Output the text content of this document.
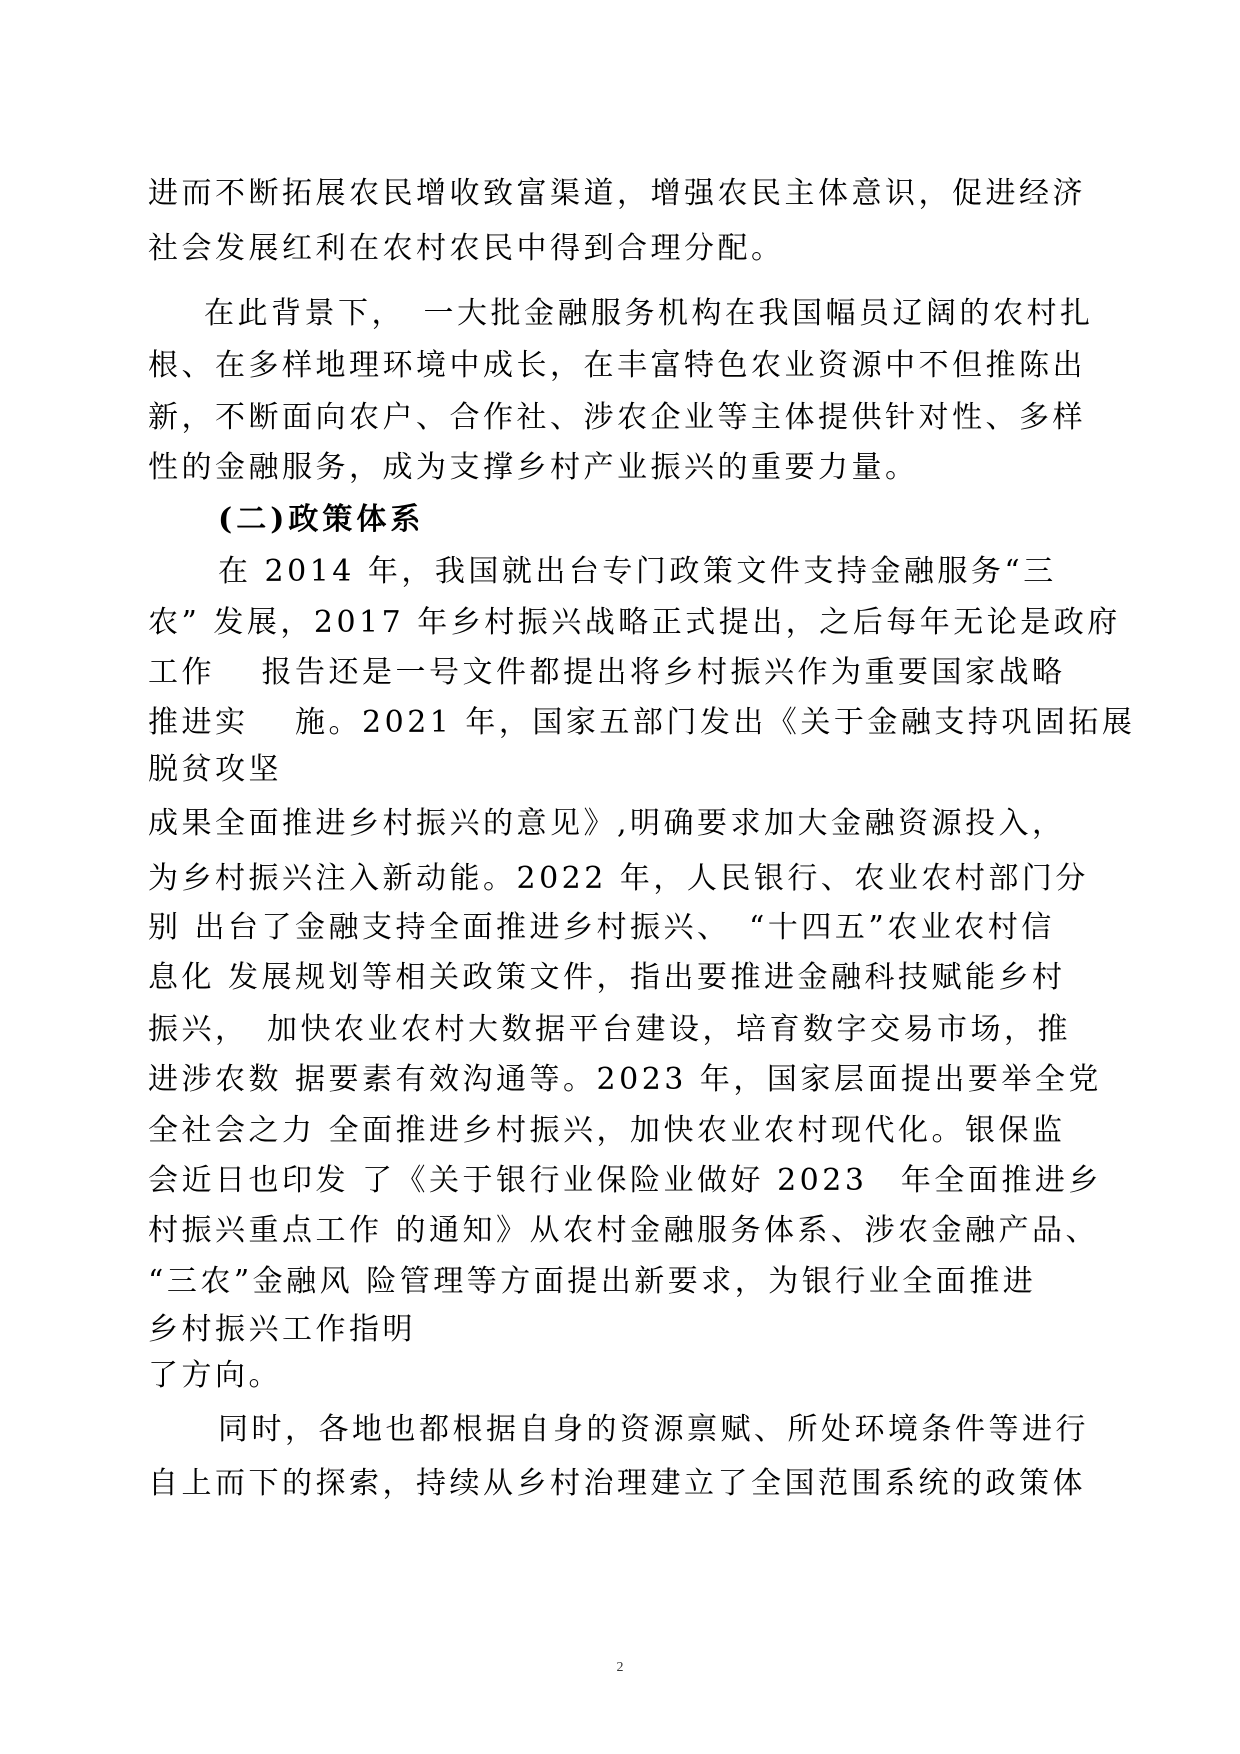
进而不断拓展农民增收致富渠道，增强农民主体意识，促进经济
社会发展红利在农村农民中得到合理分配。
在此背景下，　一大批金融服务机构在我国幅员辽阔的农村扎
根、在多样地理环境中成长，在丰富特色农业资源中不但推陈出
新，不断面向农户、合作社、涉农企业等主体提供针对性、多样
性的金融服务，成为支撑乡村产业振兴的重要力量。
(二)政策体系
在 2014 年，我国就出台专门政策文件支持金融服务“三
农” 发展，2017 年乡村振兴战略正式提出，之后每年无论是政府
工作　 报告还是一号文件都提出将乡村振兴作为重要国家战略
推进实　 施。2021 年，国家五部门发出《关于金融支持巩固拓展
脱贫攻坚
成果全面推进乡村振兴的意见》,明确要求加大金融资源投入，
为乡村振兴注入新动能。2022 年，人民银行、农业农村部门分
别 出台了金融支持全面推进乡村振兴、　“十四五”农业农村信
息化 发展规划等相关政策文件，指出要推进金融科技赋能乡村
振兴，　加快农业农村大数据平台建设，培育数字交易市场，推
进涉农数 据要素有效沟通等。2023 年，国家层面提出要举全党
全社会之力 全面推进乡村振兴，加快农业农村现代化。银保监
会近日也印发 了《关于银行业保险业做好 2023　年全面推进乡
村振兴重点工作 的通知》从农村金融服务体系、涉农金融产品、
“三农”金融风 险管理等方面提出新要求，为银行业全面推进
乡村振兴工作指明
了方向。
同时，各地也都根据自身的资源禀赋、所处环境条件等进行
自上而下的探索，持续从乡村治理建立了全国范围系统的政策体
2
